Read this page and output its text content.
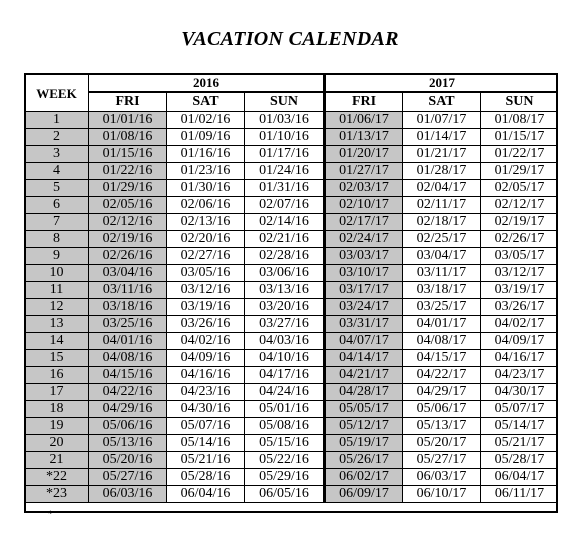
VACATION CALENDAR
WEEK	2016			2017		
	FRI	SAT	SUN	FRI	SAT	SUN
1	01/01/16	01/02/16	01/03/16	01/06/17	01/07/17	01/08/17
2	01/08/16	01/09/16	01/10/16	01/13/17	01/14/17	01/15/17
3	01/15/16	01/16/16	01/17/16	01/20/17	01/21/17	01/22/17
4	01/22/16	01/23/16	01/24/16	01/27/17	01/28/17	01/29/17
5	01/29/16	01/30/16	01/31/16	02/03/17	02/04/17	02/05/17
6	02/05/16	02/06/16	02/07/16	02/10/17	02/11/17	02/12/17
7	02/12/16	02/13/16	02/14/16	02/17/17	02/18/17	02/19/17
8	02/19/16	02/20/16	02/21/16	02/24/17	02/25/17	02/26/17
9	02/26/16	02/27/16	02/28/16	03/03/17	03/04/17	03/05/17
10	03/04/16	03/05/16	03/06/16	03/10/17	03/11/17	03/12/17
11	03/11/16	03/12/16	03/13/16	03/17/17	03/18/17	03/19/17
12	03/18/16	03/19/16	03/20/16	03/24/17	03/25/17	03/26/17
13	03/25/16	03/26/16	03/27/16	03/31/17	04/01/17	04/02/17
14	04/01/16	04/02/16	04/03/16	04/07/17	04/08/17	04/09/17
15	04/08/16	04/09/16	04/10/16	04/14/17	04/15/17	04/16/17
16	04/15/16	04/16/16	04/17/16	04/21/17	04/22/17	04/23/17
17	04/22/16	04/23/16	04/24/16	04/28/17	04/29/17	04/30/17
18	04/29/16	04/30/16	05/01/16	05/05/17	05/06/17	05/07/17
19	05/06/16	05/07/16	05/08/16	05/12/17	05/13/17	05/14/17
20	05/13/16	05/14/16	05/15/16	05/19/17	05/20/17	05/21/17
21	05/20/16	05/21/16	05/22/16	05/26/17	05/27/17	05/28/17
*22	05/27/16	05/28/16	05/29/16	06/02/17	06/03/17	06/04/17
*23	06/03/16	06/04/16	06/05/16	06/09/17	06/10/17	06/11/17
*
